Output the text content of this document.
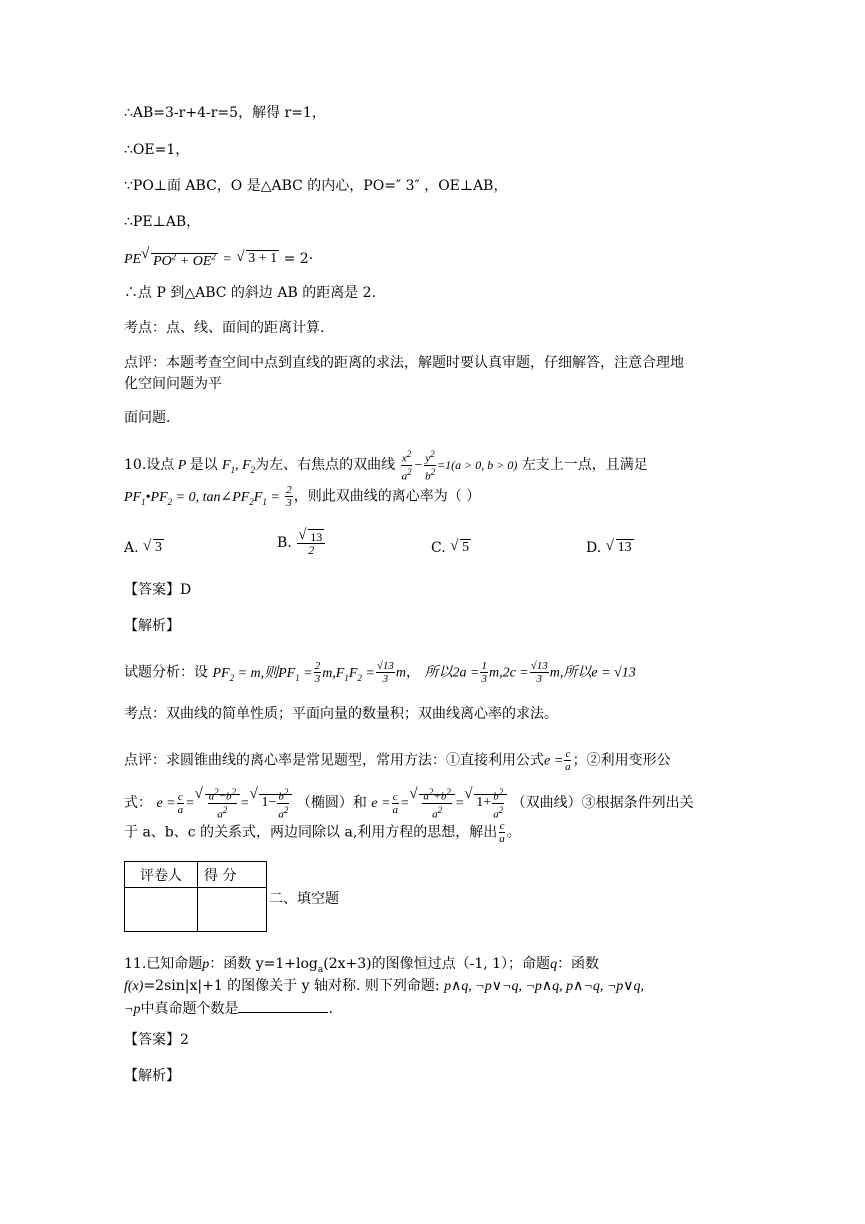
∴AB=3-r+4-r=5，解得 r=1，
∴OE=1，
∵PO⊥面 ABC，O 是△ABC 的内心，PO=″ 3″ ，OE⊥AB，
∴PE⊥AB，
PE √ $PO^2 + OE^2$ = √ 3 + 1 = 2·
∴点 P 到△ABC 的斜边 AB 的距离是 2.
考点：点、线、面间的距离计算.
点评：本题考查空间中点到直线的距离的求法，解题时要认真审题，仔细解答，注意合理地
化空间问题为平
面问题.
10.设点 P 是以 $F_1$, $F_2$为左、右焦点的双曲线 $\frac{x^2}{a^2} - \frac{y^2}{b^2} =1(a > 0$, b > 0) 左支上一点，且满足
$PF_1•PF_2 = 0$, $\tan\angle PF_2F_1 = \frac{2}{3}$ ，则此双曲线的离心率为（ ）
A. √ 3	B. √ $\frac{13}{2}$	C. √ 5	D. √ 13
【答案】D
【解析】
试题分析：设 $PF_2 = m$,则$PF_1 = \frac{2}{3} m,F_1F_2 = \frac{√13}{3}$ m， 所以$2a = \frac{1}{3} m,2c = \frac{√13}{3} m$,所以e = √13
考点：双曲线的简单性质；平面向量的数量积；双曲线离心率的求法。
点评：求圆锥曲线的离心率是常见题型，常用方法：①直接利用公式$e = \frac{c}{a}$ ；②利用变形公
式： $e = \frac{c}{a}$ = √ $\frac{a^2-b^2}{a^2}$ = √ $1- \frac{b^2}{a^2}$ （椭圆）和 $e = \frac{c}{a}$ = √ $\frac{a^2+b^2}{a^2}$ = √ $1+ \frac{b^2}{a^2}$ （双曲线）③根据条件列出关
于 a、b、c 的关系式，两边同除以 a,利用方程的思想，解出 $\frac{c}{a}$ 。
评卷人	得 分

二、填空题
11.已知命题p：函数 $y=1+\log_a(2x+3)$的图像恒过点（-1, 1）；命题q：函数
f(x)=2sin|x|+1 的图像关于 y 轴对称. 则下列命题: p∧q, ¬p∨¬q, ¬p∧q, p∧¬q, ¬p∨q,
¬p中真命题个数是	.
【答案】2
【解析】
